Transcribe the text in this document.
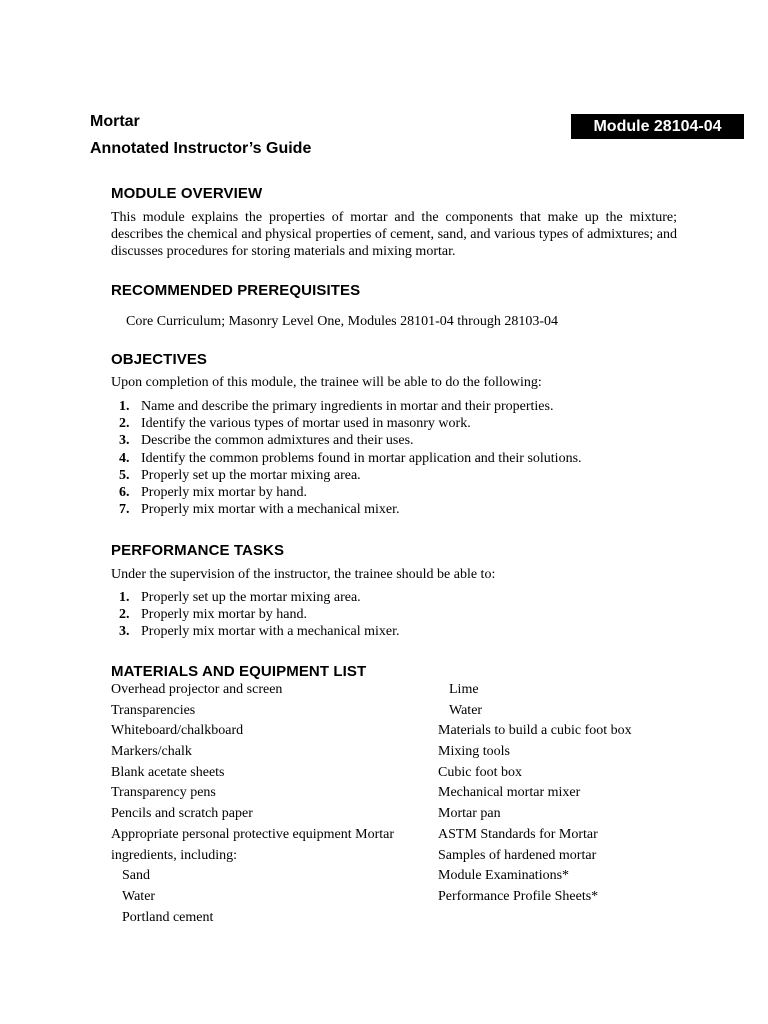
Mortar
Annotated Instructor’s Guide
Module 28104-04
MODULE OVERVIEW
This module explains the properties of mortar and the components that make up the mixture; describes the chemical and physical properties of cement, sand, and various types of admixtures; and discusses procedures for storing materials and mixing mortar.
RECOMMENDED PREREQUISITES
Core Curriculum; Masonry Level One, Modules 28101-04 through 28103-04
OBJECTIVES
Upon completion of this module, the trainee will be able to do the following:
1. Name and describe the primary ingredients in mortar and their properties.
2. Identify the various types of mortar used in masonry work.
3. Describe the common admixtures and their uses.
4. Identify the common problems found in mortar application and their solutions.
5. Properly set up the mortar mixing area.
6. Properly mix mortar by hand.
7. Properly mix mortar with a mechanical mixer.
PERFORMANCE TASKS
Under the supervision of the instructor, the trainee should be able to:
1. Properly set up the mortar mixing area.
2. Properly mix mortar by hand.
3. Properly mix mortar with a mechanical mixer.
MATERIALS AND EQUIPMENT LIST
Overhead projector and screen
Transparencies
Whiteboard/chalkboard
Markers/chalk
Blank acetate sheets
Transparency pens
Pencils and scratch paper
Appropriate personal protective equipment Mortar
ingredients, including:
Sand
Water
Portland cement
Lime
Water
Materials to build a cubic foot box
Mixing tools
Cubic foot box
Mechanical mortar mixer
Mortar pan
ASTM Standards for Mortar
Samples of hardened mortar
Module Examinations*
Performance Profile Sheets*
